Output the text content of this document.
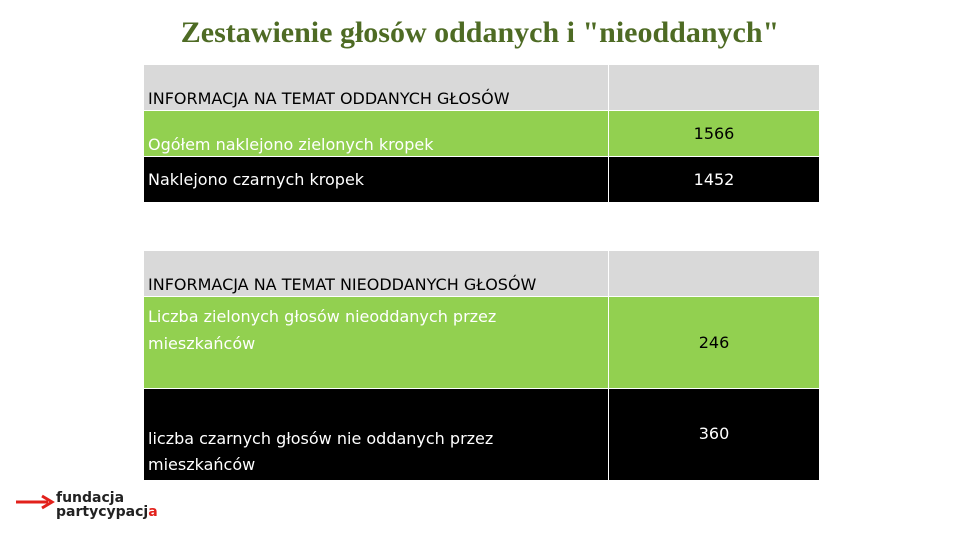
Zestawienie głosów oddanych i "nieoddanych"
INFORMACJA NA TEMAT ODDANYCH GŁOSÓW	
Ogółem naklejono zielonych kropek	1566
Naklejono czarnych kropek	1452
INFORMACJA NA TEMAT NIEODDANYCH GŁOSÓW	
Liczba zielonych głosów nieoddanych przez mieszkańców	246
liczba czarnych głosów nie oddanych przez mieszkańców	360
fundacja
partycypacja
